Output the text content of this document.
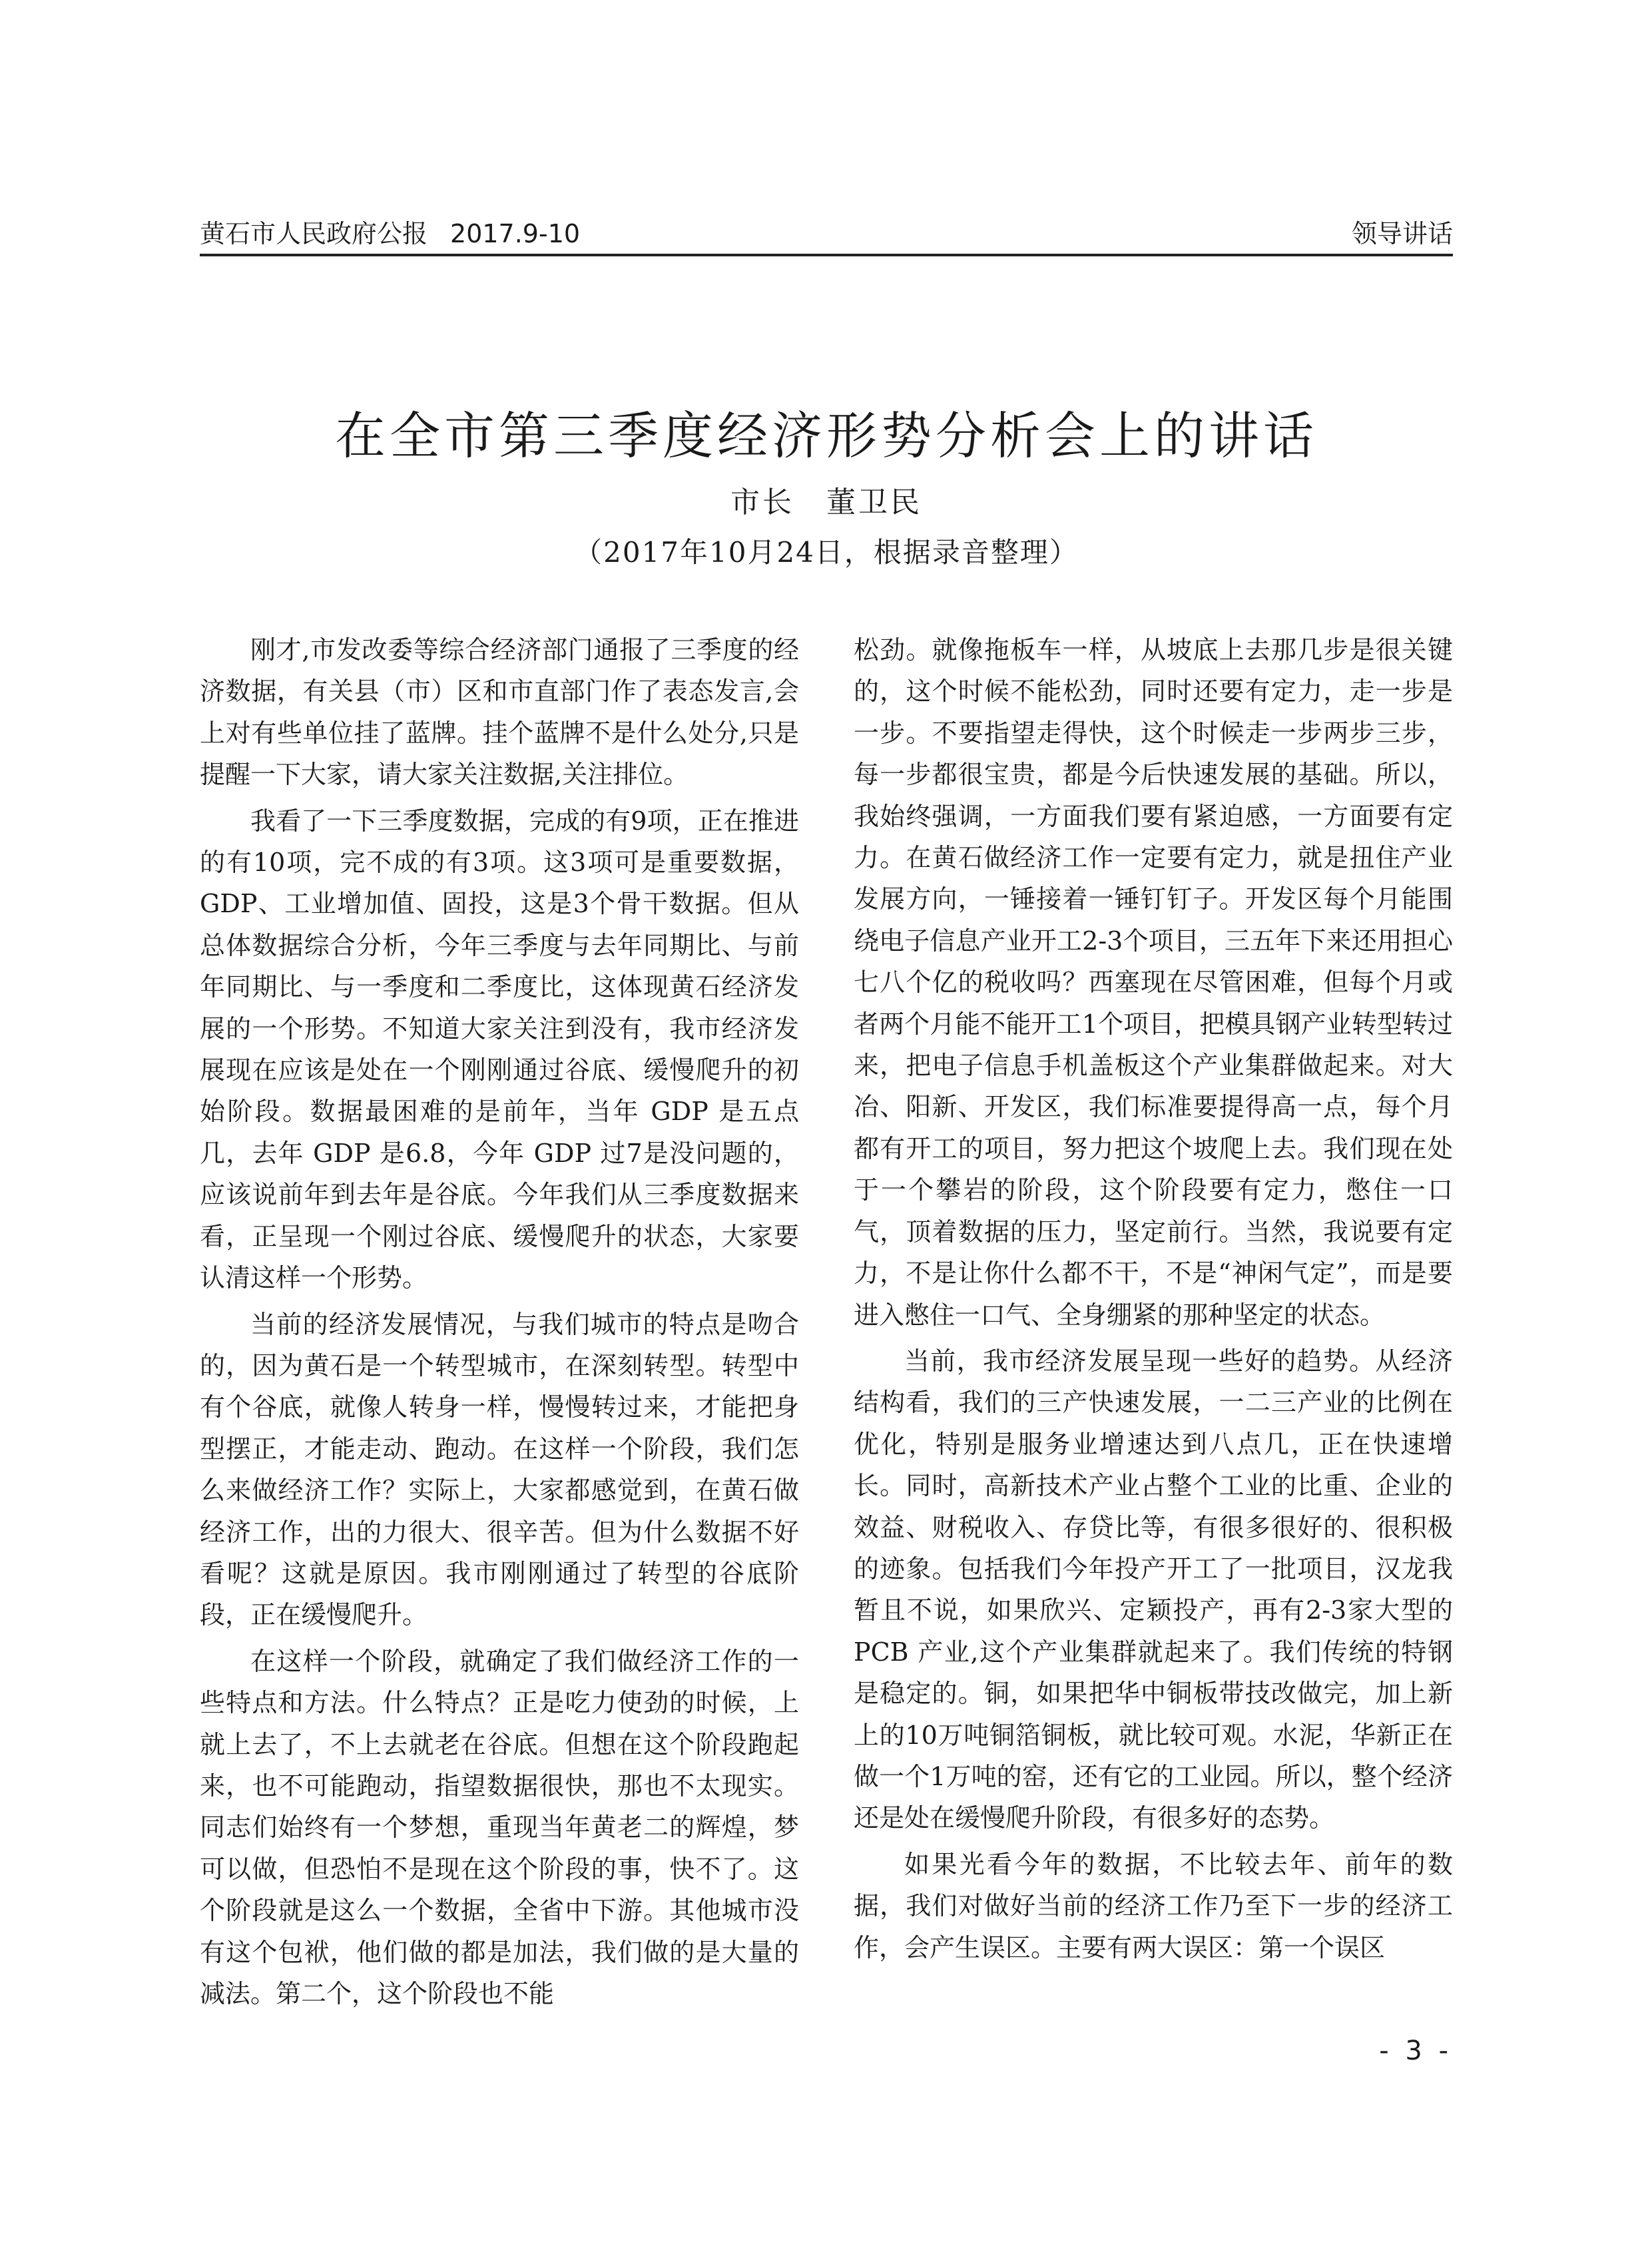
黄石市人民政府公报 2017.9-10	领导讲话
在全市第三季度经济形势分析会上的讲话
市长 董卫民
（2017年10月24日，根据录音整理）

刚才,市发改委等综合经济部门通报了三季度的经济数据，有关县（市）区和市直部门作了表态发言,会上对有些单位挂了蓝牌。挂个蓝牌不是什么处分,只是提醒一下大家，请大家关注数据,关注排位。

我看了一下三季度数据，完成的有9项，正在推进的有10项，完不成的有3项。这3项可是重要数据，GDP、工业增加值、固投，这是3个骨干数据。但从总体数据综合分析，今年三季度与去年同期比、与前年同期比、与一季度和二季度比，这体现黄石经济发展的一个形势。不知道大家关注到没有，我市经济发展现在应该是处在一个刚刚通过谷底、缓慢爬升的初始阶段。数据最困难的是前年，当年 GDP 是五点几，去年 GDP 是6.8，今年 GDP 过7是没问题的，应该说前年到去年是谷底。今年我们从三季度数据来看，正呈现一个刚过谷底、缓慢爬升的状态，大家要认清这样一个形势。

当前的经济发展情况，与我们城市的特点是吻合的，因为黄石是一个转型城市，在深刻转型。转型中有个谷底，就像人转身一样，慢慢转过来，才能把身型摆正，才能走动、跑动。在这样一个阶段，我们怎么来做经济工作？实际上，大家都感觉到，在黄石做经济工作，出的力很大、很辛苦。但为什么数据不好看呢？这就是原因。我市刚刚通过了转型的谷底阶段，正在缓慢爬升。

在这样一个阶段，就确定了我们做经济工作的一些特点和方法。什么特点？正是吃力使劲的时候，上就上去了，不上去就老在谷底。但想在这个阶段跑起来，也不可能跑动，指望数据很快，那也不太现实。同志们始终有一个梦想，重现当年黄老二的辉煌，梦可以做，但恐怕不是现在这个阶段的事，快不了。这个阶段就是这么一个数据，全省中下游。其他城市没有这个包袱，他们做的都是加法，我们做的是大量的减法。第二个，这个阶段也不能

松劲。就像拖板车一样，从坡底上去那几步是很关键的，这个时候不能松劲，同时还要有定力，走一步是一步。不要指望走得快，这个时候走一步两步三步，每一步都很宝贵，都是今后快速发展的基础。所以，我始终强调，一方面我们要有紧迫感，一方面要有定力。在黄石做经济工作一定要有定力，就是扭住产业发展方向，一锤接着一锤钉钉子。开发区每个月能围绕电子信息产业开工2-3个项目，三五年下来还用担心七八个亿的税收吗？西塞现在尽管困难，但每个月或者两个月能不能开工1个项目，把模具钢产业转型转过来，把电子信息手机盖板这个产业集群做起来。对大冶、阳新、开发区，我们标准要提得高一点，每个月都有开工的项目，努力把这个坡爬上去。我们现在处于一个攀岩的阶段，这个阶段要有定力，憋住一口气，顶着数据的压力，坚定前行。当然，我说要有定力，不是让你什么都不干，不是“神闲气定”，而是要进入憋住一口气、全身绷紧的那种坚定的状态。

当前，我市经济发展呈现一些好的趋势。从经济结构看，我们的三产快速发展，一二三产业的比例在优化，特别是服务业增速达到八点几，正在快速增长。同时，高新技术产业占整个工业的比重、企业的效益、财税收入、存贷比等，有很多很好的、很积极的迹象。包括我们今年投产开工了一批项目，汉龙我暂且不说，如果欣兴、定颖投产，再有2-3家大型的PCB 产业,这个产业集群就起来了。我们传统的特钢是稳定的。铜，如果把华中铜板带技改做完，加上新上的10万吨铜箔铜板，就比较可观。水泥，华新正在做一个1万吨的窑，还有它的工业园。所以，整个经济还是处在缓慢爬升阶段，有很多好的态势。

如果光看今年的数据，不比较去年、前年的数据，我们对做好当前的经济工作乃至下一步的经济工作，会产生误区。主要有两大误区：第一个误区

- 3 -
